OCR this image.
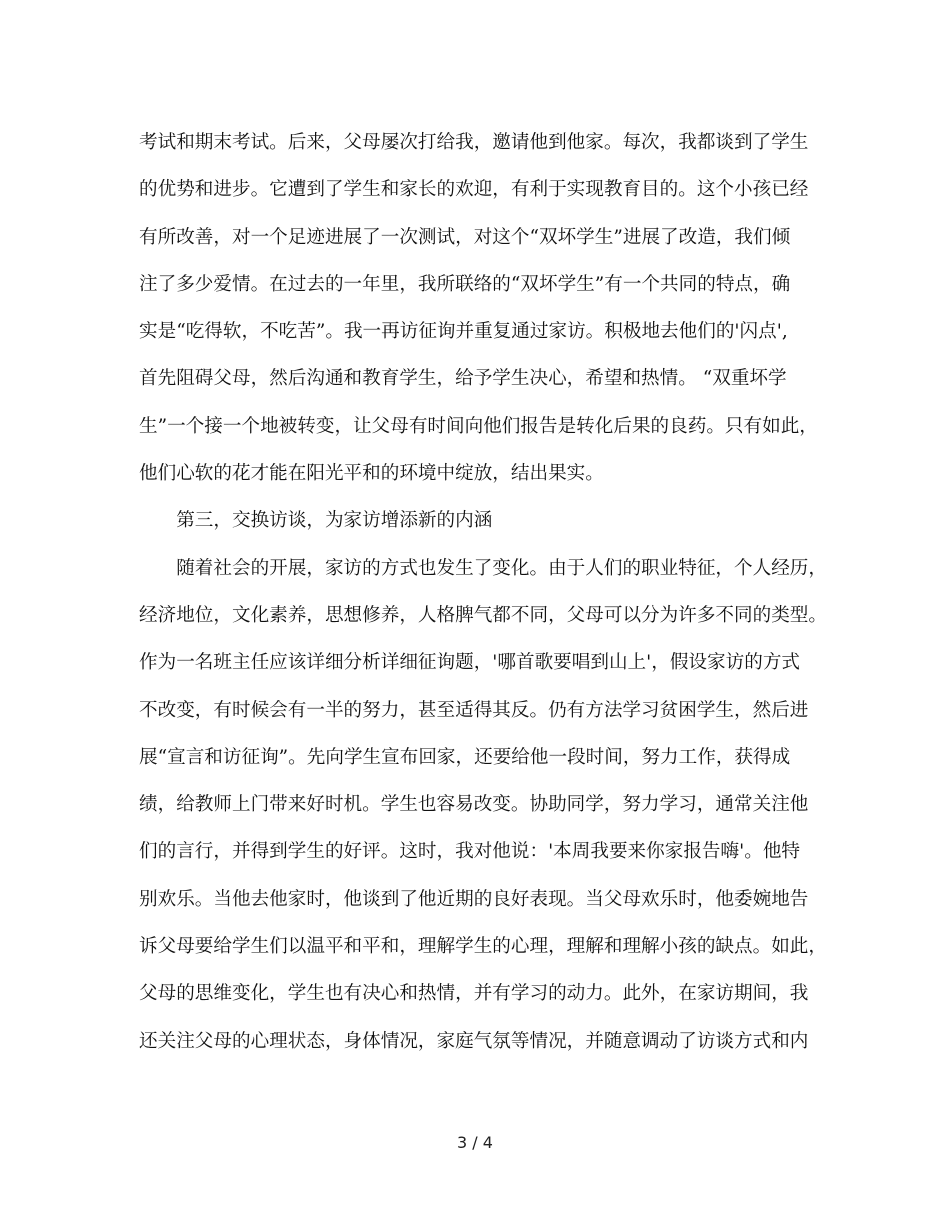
考试和期末考试。后来，父母屡次打给我，邀请他到他家。每次，我都谈到了学生
的优势和进步。它遭到了学生和家长的欢迎，有利于实现教育目的。这个小孩已经
有所改善，对一个足迹进展了一次测试，对这个“双坏学生”进展了改造，我们倾
注了多少爱情。在过去的一年里，我所联络的“双坏学生”有一个共同的特点，确
实是“吃得软，不吃苦”。我一再访征询并重复通过家访。积极地去他们的'闪点',
首先阻碍父母，然后沟通和教育学生，给予学生决心，希望和热情。 “双重坏学
生”一个接一个地被转变，让父母有时间向他们报告是转化后果的良药。只有如此，
他们心软的花才能在阳光平和的环境中绽放，结出果实。
　　第三，交换访谈，为家访增添新的内涵
　　随着社会的开展，家访的方式也发生了变化。由于人们的职业特征，个人经历，
经济地位，文化素养，思想修养，人格脾气都不同，父母可以分为许多不同的类型。
作为一名班主任应该详细分析详细征询题，'哪首歌要唱到山上'，假设家访的方式
不改变，有时候会有一半的努力，甚至适得其反。仍有方法学习贫困学生，然后进
展“宣言和访征询”。先向学生宣布回家，还要给他一段时间，努力工作，获得成
绩，给教师上门带来好时机。学生也容易改变。协助同学，努力学习，通常关注他
们的言行，并得到学生的好评。这时，我对他说：'本周我要来你家报告嗨'。他特
别欢乐。当他去他家时，他谈到了他近期的良好表现。当父母欢乐时，他委婉地告
诉父母要给学生们以温平和平和，理解学生的心理，理解和理解小孩的缺点。如此，
父母的思维变化，学生也有决心和热情，并有学习的动力。此外，在家访期间，我
还关注父母的心理状态，身体情况，家庭气氛等情况，并随意调动了访谈方式和内
3 / 4
